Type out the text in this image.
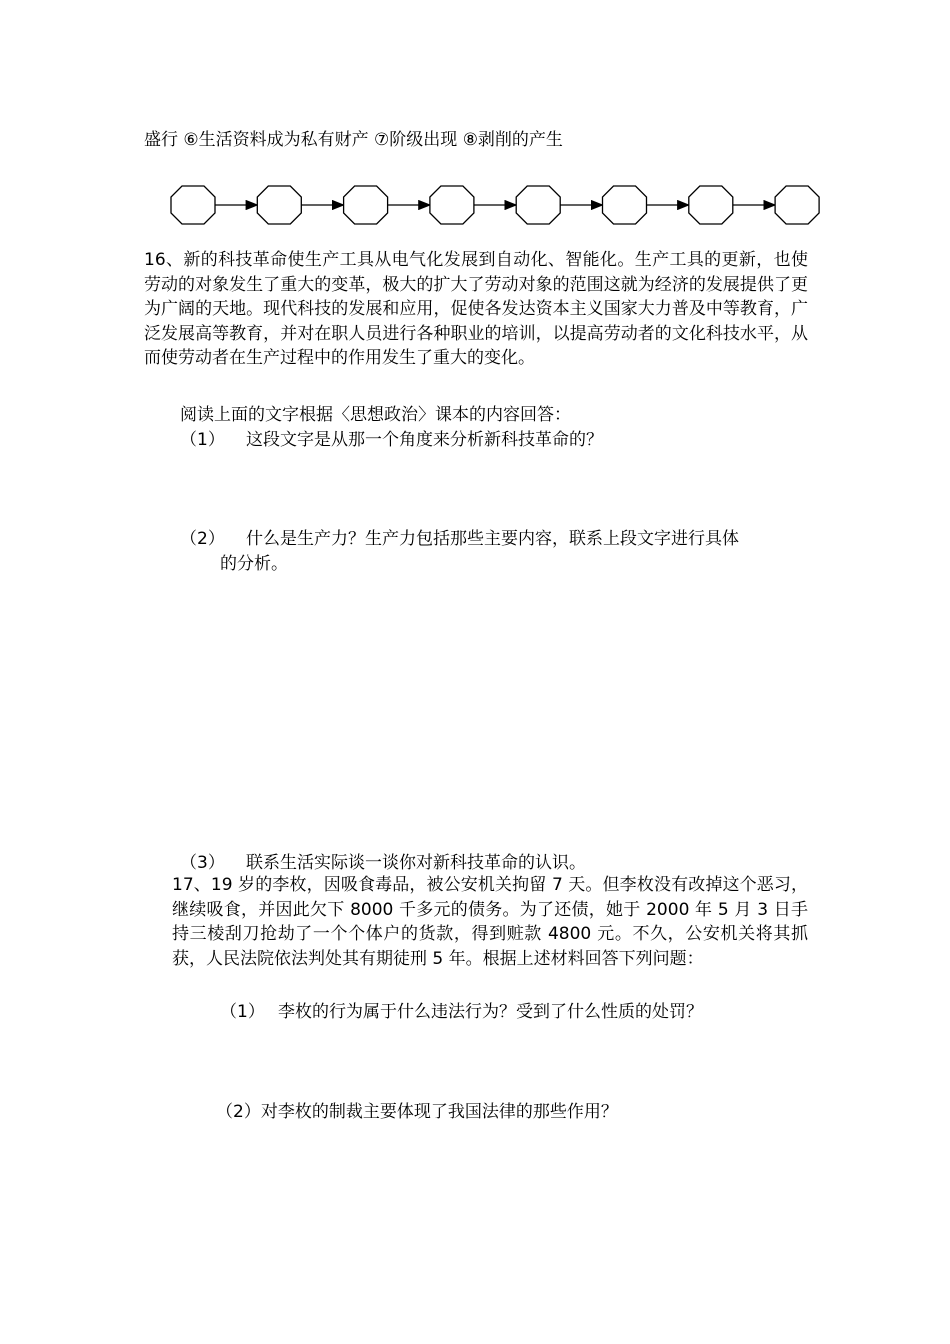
盛行 ⑥生活资料成为私有财产 ⑦阶级出现 ⑧剥削的产生
16、新的科技革命使生产工具从电气化发展到自动化、智能化。生产工具的更新，也使劳动的对象发生了重大的变革，极大的扩大了劳动对象的范围这就为经济的发展提供了更为广阔的天地。现代科技的发展和应用，促使各发达资本主义国家大力普及中等教育，广泛发展高等教育，并对在职人员进行各种职业的培训，以提高劳动者的文化科技水平，从而使劳动者在生产过程中的作用发生了重大的变化。
阅读上面的文字根据〈思想政治〉课本的内容回答：
（1） 这段文字是从那一个角度来分析新科技革命的？
（2） 什么是生产力？生产力包括那些主要内容，联系上段文字进行具体
的分析。
（3） 联系生活实际谈一谈你对新科技革命的认识。
17、19 岁的李枚，因吸食毒品，被公安机关拘留 7 天。但李枚没有改掉这个恶习，继续吸食，并因此欠下 8000 千多元的债务。为了还债，她于 2000 年 5 月 3 日手持三棱刮刀抢劫了一个个体户的货款，得到赃款 4800 元。不久，公安机关将其抓获，人民法院依法判处其有期徒刑 5 年。根据上述材料回答下列问题：
（1） 李枚的行为属于什么违法行为？受到了什么性质的处罚？
（2）对李枚的制裁主要体现了我国法律的那些作用？
